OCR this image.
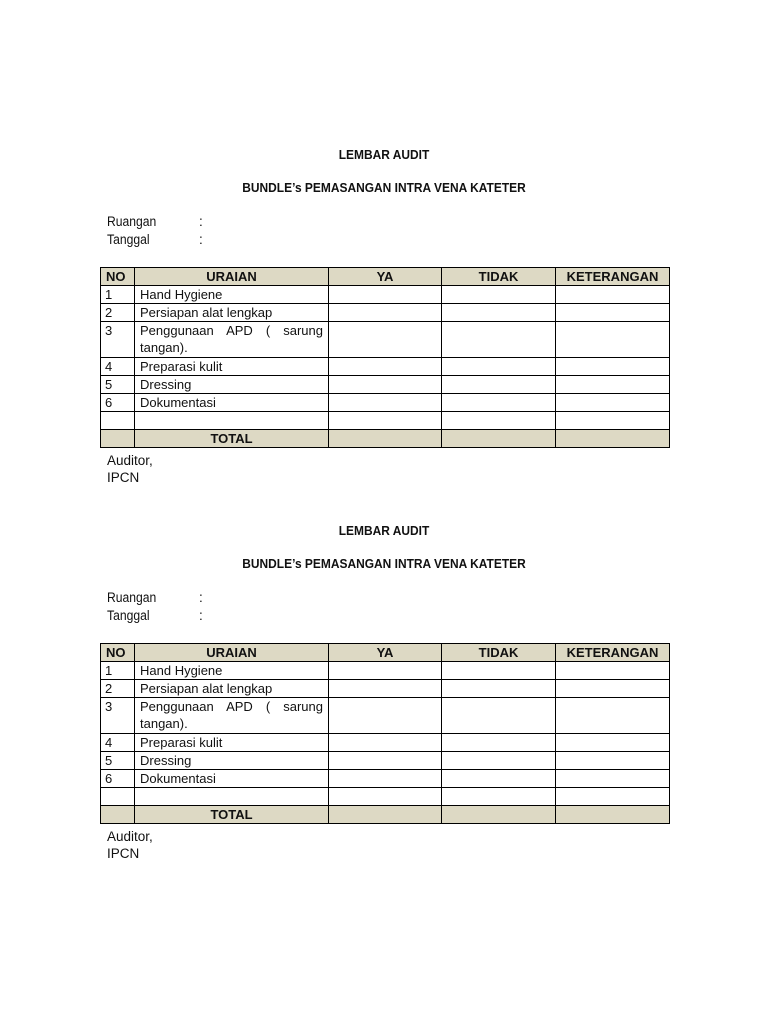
LEMBAR AUDIT
BUNDLE’s PEMASANGAN INTRA VENA KATETER
Ruangan	:
Tanggal	:
NO	URAIAN	YA	TIDAK	KETERANGAN
1	Hand Hygiene			
2	Persiapan alat lengkap			
3	Penggunaan APD ( sarung tangan).			
4	Preparasi kulit			
5	Dressing			
6	Dokumentasi			

	TOTAL			
Auditor,
IPCN
LEMBAR AUDIT
BUNDLE’s PEMASANGAN INTRA VENA KATETER
Ruangan	:
Tanggal	:
NO	URAIAN	YA	TIDAK	KETERANGAN
1	Hand Hygiene			
2	Persiapan alat lengkap			
3	Penggunaan APD ( sarung tangan).			
4	Preparasi kulit			
5	Dressing			
6	Dokumentasi			

	TOTAL			
Auditor,
IPCN
